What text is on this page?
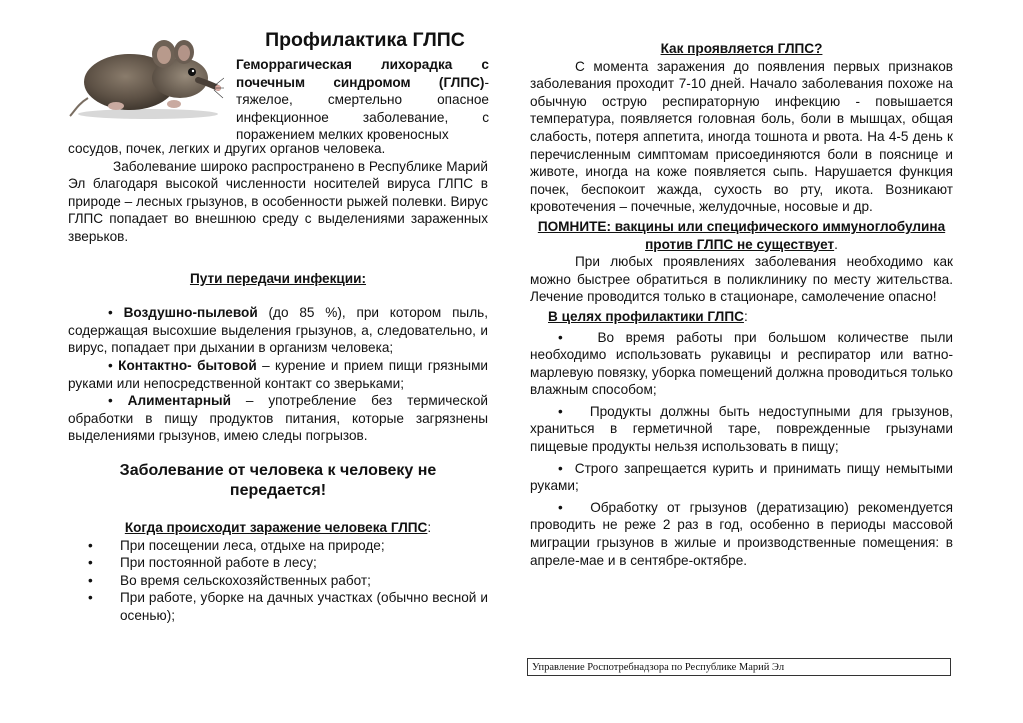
Профилактика ГЛПС

Геморрагическая лихорадка с почечным синдромом (ГЛПС)- тяжелое, смертельно опасное инфекционное заболевание, с поражением мелких кровеносных

сосудов, почек, легких и других органов человека.

Заболевание широко распространено в Республике Марий Эл благодаря высокой численности носителей вируса ГЛПС в природе – лесных грызунов, в особенности рыжей полевки. Вирус ГЛПС попадает во внешнюю среду с выделениями зараженных зверьков.

Пути передачи инфекции:

• Воздушно-пылевой (до 85 %), при котором пыль, содержащая высохшие выделения грызунов, а, следовательно, и вирус, попадает при дыхании в организм человека;

• Контактно- бытовой – курение и прием пищи грязными руками или непосредственной контакт со зверьками;

• Алиментарный – употребление без термической обработки в пищу продуктов питания, которые загрязнены выделениями грызунов, имею следы погрызов.

Заболевание от человека к человеку не передается!

Когда происходит заражение человека ГЛПС:

•	При посещении леса, отдыхе на природе;
•	При постоянной работе в лесу;
•	Во время сельскохозяйственных работ;
•	При работе, уборке на дачных участках (обычно весной и осенью);

Как проявляется ГЛПС?

С момента заражения до появления первых признаков заболевания проходит 7-10 дней. Начало заболевания похоже на обычную острую респираторную инфекцию - повышается температура, появляется головная боль, боли в мышцах, общая слабость, потеря аппетита, иногда тошнота и рвота. На 4-5 день к перечисленным симптомам присоединяются боли в пояснице и животе, иногда на коже появляется сыпь. Нарушается функция почек, беспокоит жажда, сухость во рту, икота. Возникают кровотечения – почечные, желудочные, носовые и др.

ПОМНИТЕ: вакцины или специфического иммуноглобулина против ГЛПС не существует.

При любых проявлениях заболевания необходимо как можно быстрее обратиться в поликлинику по месту жительства. Лечение проводится только в стационаре, самолечение опасно!

В целях профилактики ГЛПС:

•	Во время работы при большом количестве пыли необходимо использовать рукавицы и респиратор или ватно-марлевую повязку, уборка помещений должна проводиться только влажным способом;

• Продукты должны быть недоступными для грызунов, храниться в герметичной таре, поврежденные грызунами пищевые продукты нельзя использовать в пищу;

• Строго запрещается курить и принимать пищу немытыми руками;

• Обработку от грызунов (дератизацию) рекомендуется проводить не реже 2 раз в год, особенно в периоды массовой миграции грызунов в жилые и производственные помещения: в апреле-мае и в сентябре-октябре.

Управление Роспотребнадзора по Республике Марий Эл
